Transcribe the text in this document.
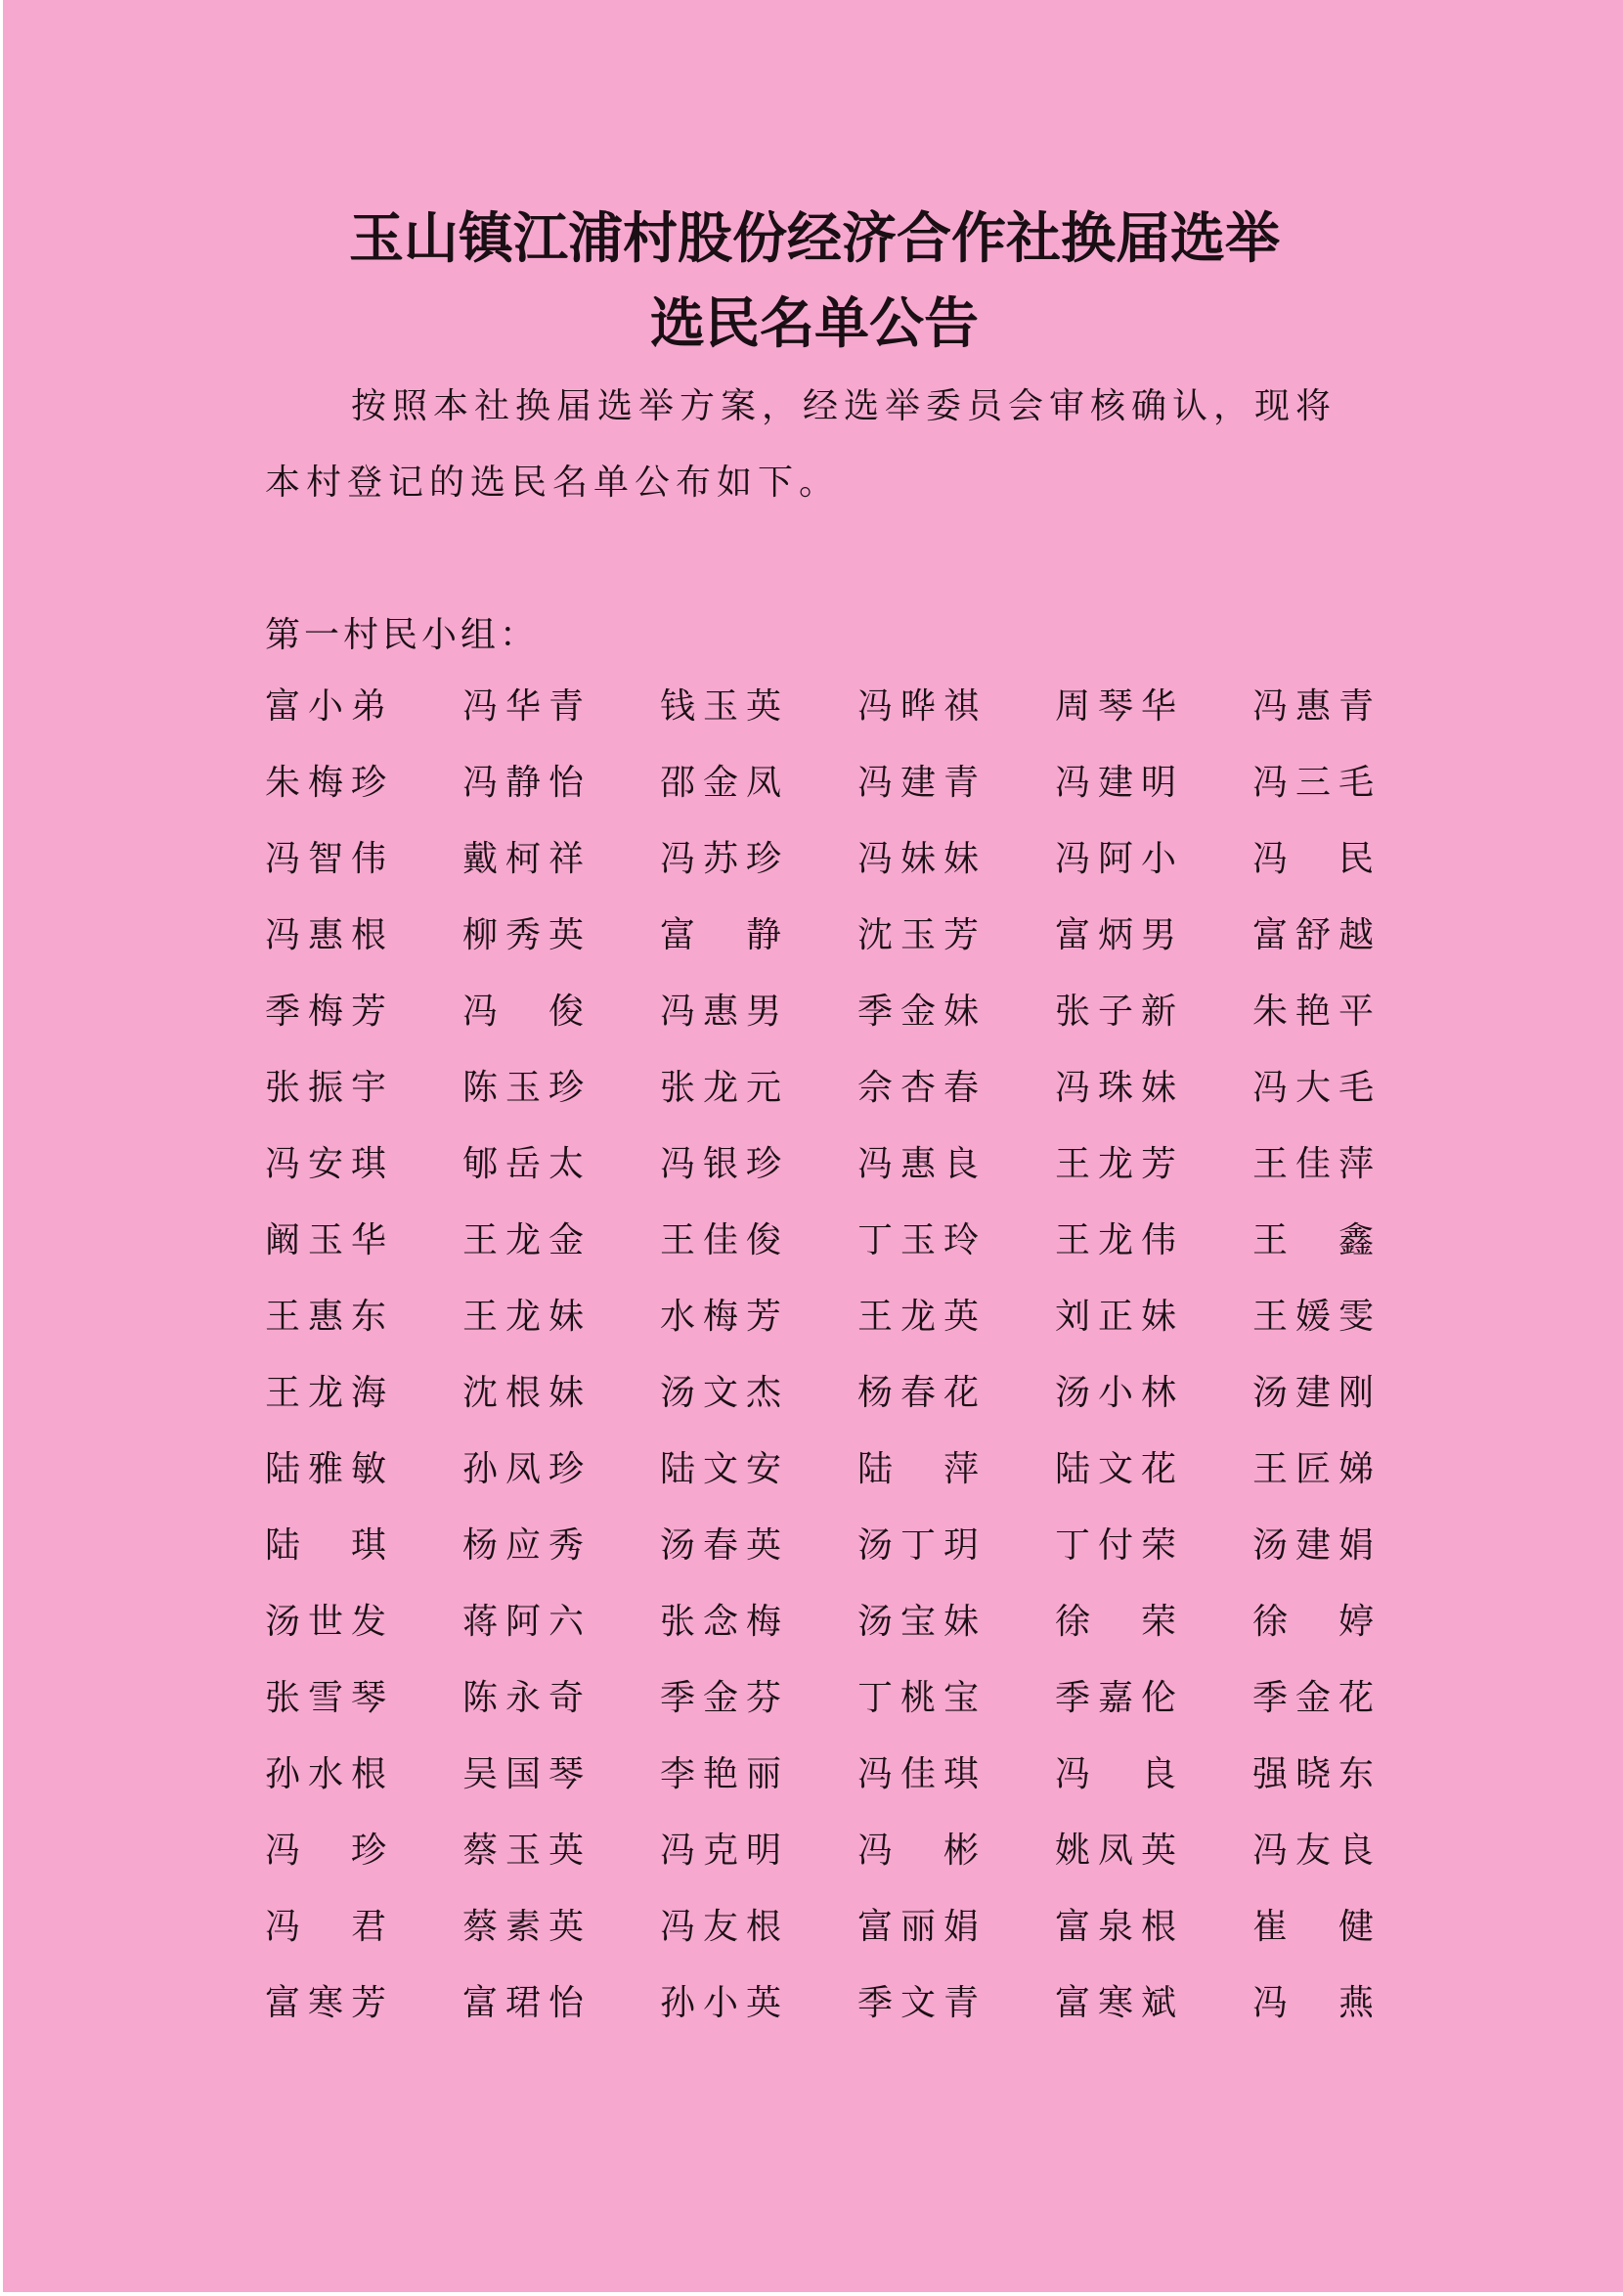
玉山镇江浦村股份经济合作社换届选举
选民名单公告

按照本社换届选举方案，经选举委员会审核确认，现将

本村登记的选民名单公布如下。

第一村民小组：

富小弟	冯华青	钱玉英	冯晔祺	周琴华	冯惠青
朱梅珍	冯静怡	邵金凤	冯建青	冯建明	冯三毛
冯智伟	戴柯祥	冯苏珍	冯妹妹	冯阿小	冯　民
冯惠根	柳秀英	富　静	沈玉芳	富炳男	富舒越
季梅芳	冯　俊	冯惠男	季金妹	张子新	朱艳平
张振宇	陈玉珍	张龙元	佘杏春	冯珠妹	冯大毛
冯安琪	郇岳太	冯银珍	冯惠良	王龙芳	王佳萍
阚玉华	王龙金	王佳俊	丁玉玲	王龙伟	王　鑫
王惠东	王龙妹	水梅芳	王龙英	刘正妹	王媛雯
王龙海	沈根妹	汤文杰	杨春花	汤小林	汤建刚
陆雅敏	孙凤珍	陆文安	陆　萍	陆文花	王匠娣
陆　琪	杨应秀	汤春英	汤丁玥	丁付荣	汤建娟
汤世发	蒋阿六	张念梅	汤宝妹	徐　荣	徐　婷
张雪琴	陈永奇	季金芬	丁桃宝	季嘉伦	季金花
孙水根	吴国琴	李艳丽	冯佳琪	冯　良	强晓东
冯　珍	蔡玉英	冯克明	冯　彬	姚凤英	冯友良
冯　君	蔡素英	冯友根	富丽娟	富泉根	崔　健
富寒芳	富珺怡	孙小英	季文青	富寒斌	冯　燕
